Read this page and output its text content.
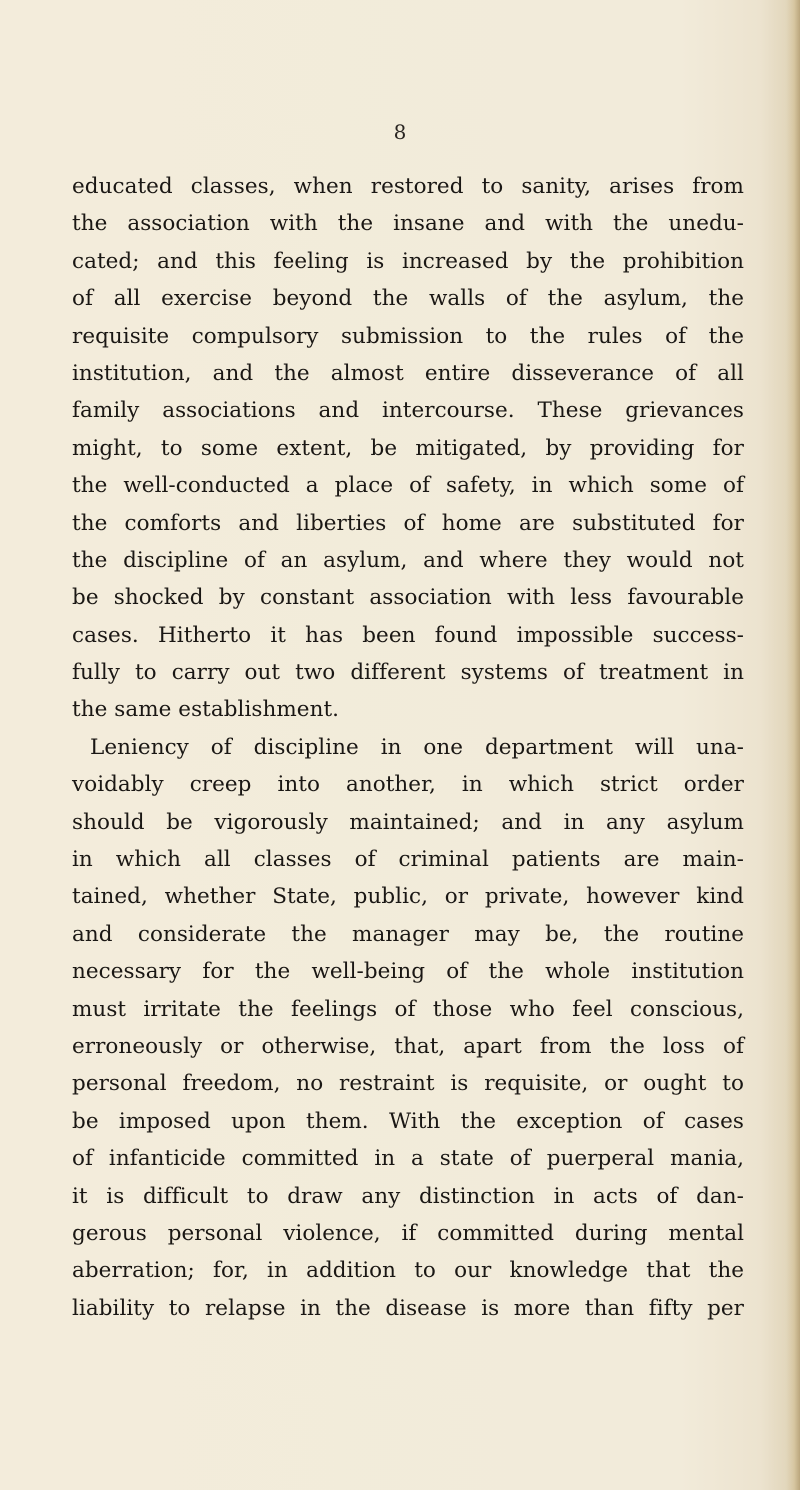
8
educated classes, when restored to sanity, arises from
the association with the insane and with the unedu-
cated; and this feeling is increased by the prohibition
of all exercise beyond the walls of the asylum, the
requisite compulsory submission to the rules of the
institution, and the almost entire disseverance of all
family associations and intercourse. These grievances
might, to some extent, be mitigated, by providing for
the well-conducted a place of safety, in which some of
the comforts and liberties of home are substituted for
the discipline of an asylum, and where they would not
be shocked by constant association with less favourable
cases. Hitherto it has been found impossible success-
fully to carry out two different systems of treatment in
the same establishment.
Leniency of discipline in one department will una-
voidably creep into another, in which strict order
should be vigorously maintained; and in any asylum
in which all classes of criminal patients are main-
tained, whether State, public, or private, however kind
and considerate the manager may be, the routine
necessary for the well-being of the whole institution
must irritate the feelings of those who feel conscious,
erroneously or otherwise, that, apart from the loss of
personal freedom, no restraint is requisite, or ought to
be imposed upon them. With the exception of cases
of infanticide committed in a state of puerperal mania,
it is difficult to draw any distinction in acts of dan-
gerous personal violence, if committed during mental
aberration; for, in addition to our knowledge that the
liability to relapse in the disease is more than fifty per
